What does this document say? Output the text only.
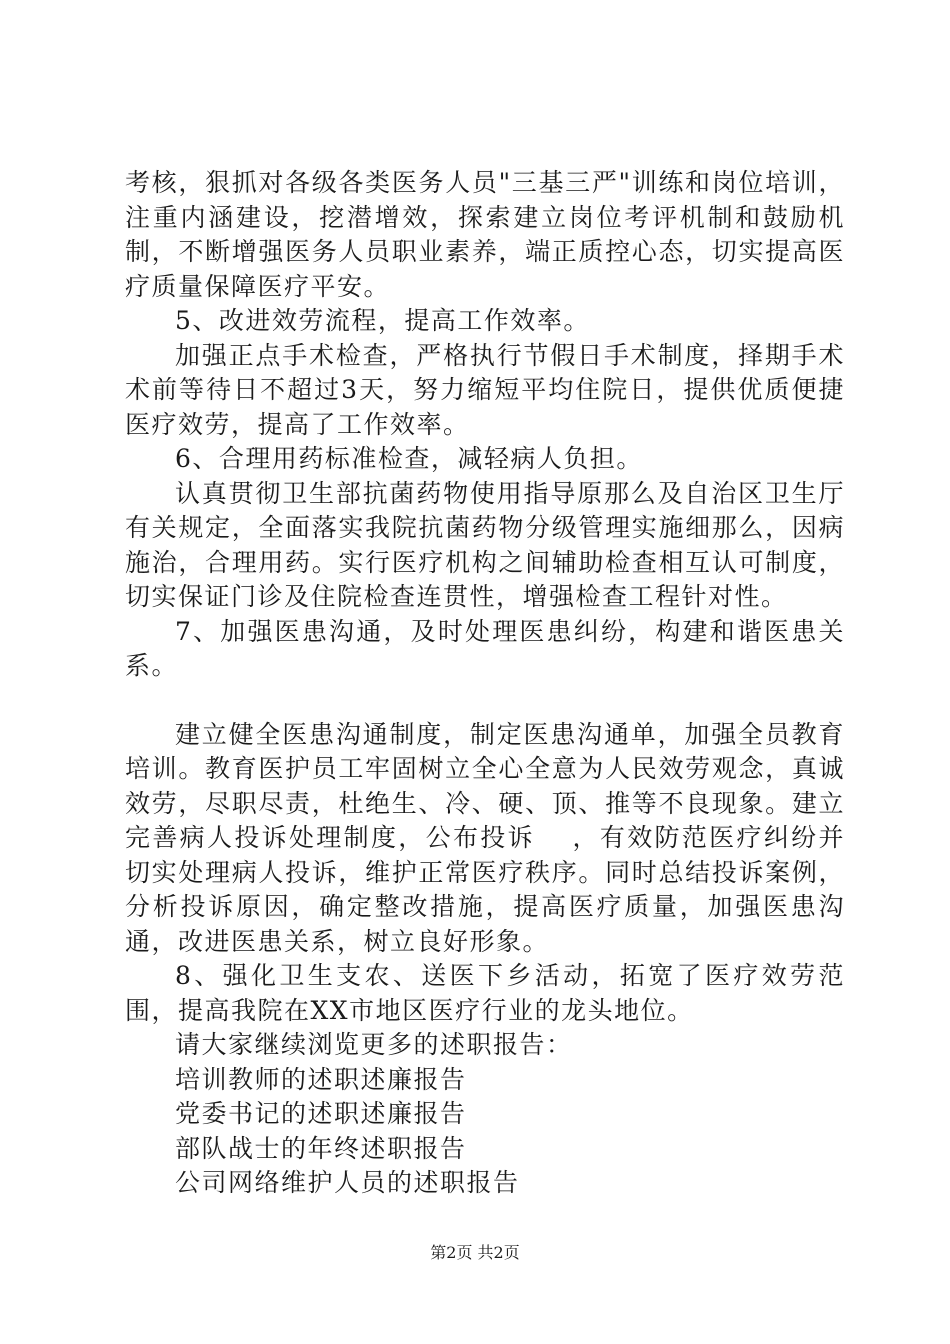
考核，狠抓对各级各类医务人员"三基三严"训练和岗位培训，注重内涵建设，挖潜增效，探索建立岗位考评机制和鼓励机制，不断增强医务人员职业素养，端正质控心态，切实提高医疗质量保障医疗平安。

5、改进效劳流程，提高工作效率。

加强正点手术检查，严格执行节假日手术制度，择期手术术前等待日不超过3天，努力缩短平均住院日，提供优质便捷医疗效劳，提高了工作效率。

6、合理用药标准检查，减轻病人负担。

认真贯彻卫生部抗菌药物使用指导原那么及自治区卫生厅有关规定，全面落实我院抗菌药物分级管理实施细那么，因病施治，合理用药。实行医疗机构之间辅助检查相互认可制度，切实保证门诊及住院检查连贯性，增强检查工程针对性。

7、加强医患沟通，及时处理医患纠纷，构建和谐医患关系。

建立健全医患沟通制度，制定医患沟通单，加强全员教育培训。教育医护员工牢固树立全心全意为人民效劳观念，真诚效劳，尽职尽责，杜绝生、冷、硬、顶、推等不良现象。建立完善病人投诉处理制度，公布投诉　 ，有效防范医疗纠纷并切实处理病人投诉，维护正常医疗秩序。同时总结投诉案例，分析投诉原因，确定整改措施，提高医疗质量，加强医患沟通，改进医患关系，树立良好形象。

8、强化卫生支农、送医下乡活动，拓宽了医疗效劳范围，提高我院在XX市地区医疗行业的龙头地位。

请大家继续浏览更多的述职报告：

培训教师的述职述廉报告

党委书记的述职述廉报告

部队战士的年终述职报告

公司网络维护人员的述职报告

第2页 共2页
